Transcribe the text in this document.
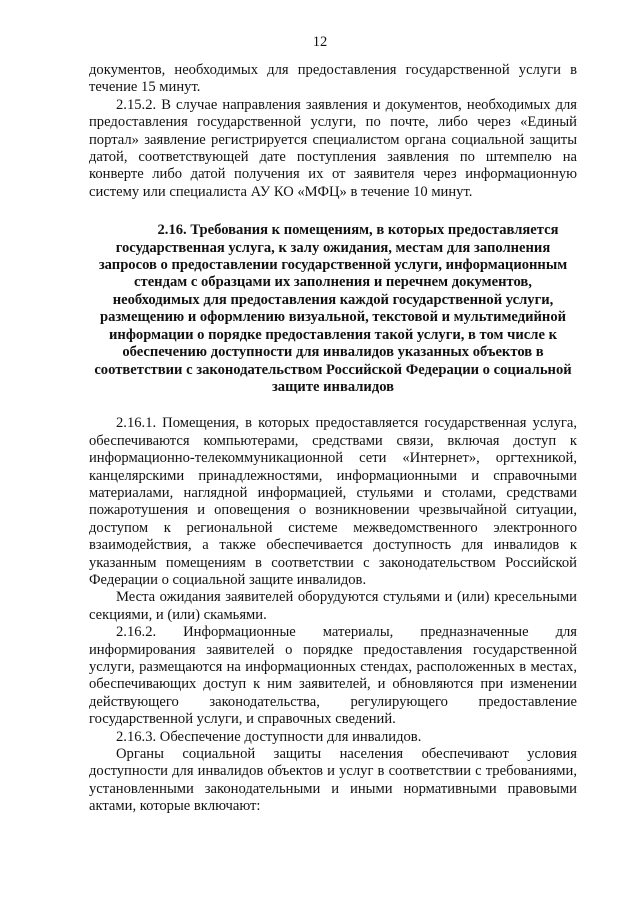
12

документов, необходимых для предоставления государственной услуги в течение 15 минут.

2.15.2. В случае направления заявления и документов, необходимых для предоставления государственной услуги, по почте, либо через «Единый портал» заявление регистрируется специалистом органа социальной защиты датой, соответствующей дате поступления заявления по штемпелю на конверте либо датой получения их от заявителя через информационную систему или специалиста АУ КО «МФЦ» в течение 10 минут.

2.16. Требования к помещениям, в которых предоставляется государственная услуга, к залу ожидания, местам для заполнения запросов о предоставлении государственной услуги, информационным стендам с образцами их заполнения и перечнем документов, необходимых для предоставления каждой государственной услуги, размещению и оформлению визуальной, текстовой и мультимедийной информации о порядке предоставления такой услуги, в том числе к обеспечению доступности для инвалидов указанных объектов в соответствии с законодательством Российской Федерации о социальной защите инвалидов

2.16.1. Помещения, в которых предоставляется государственная услуга, обеспечиваются компьютерами, средствами связи, включая доступ к информационно-телекоммуникационной сети «Интернет», оргтехникой, канцелярскими принадлежностями, информационными и справочными материалами, наглядной информацией, стульями и столами, средствами пожаротушения и оповещения о возникновении чрезвычайной ситуации, доступом к региональной системе межведомственного электронного взаимодействия, а также обеспечивается доступность для инвалидов к указанным помещениям в соответствии с законодательством Российской Федерации о социальной защите инвалидов.

Места ожидания заявителей оборудуются стульями и (или) кресельными секциями, и (или) скамьями.

2.16.2. Информационные материалы, предназначенные для информирования заявителей о порядке предоставления государственной услуги, размещаются на информационных стендах, расположенных в местах, обеспечивающих доступ к ним заявителей, и обновляются при изменении действующего законодательства, регулирующего предоставление государственной услуги, и справочных сведений.

2.16.3. Обеспечение доступности для инвалидов.

Органы социальной защиты населения обеспечивают условия доступности для инвалидов объектов и услуг в соответствии с требованиями, установленными законодательными и иными нормативными правовыми актами, которые включают:
